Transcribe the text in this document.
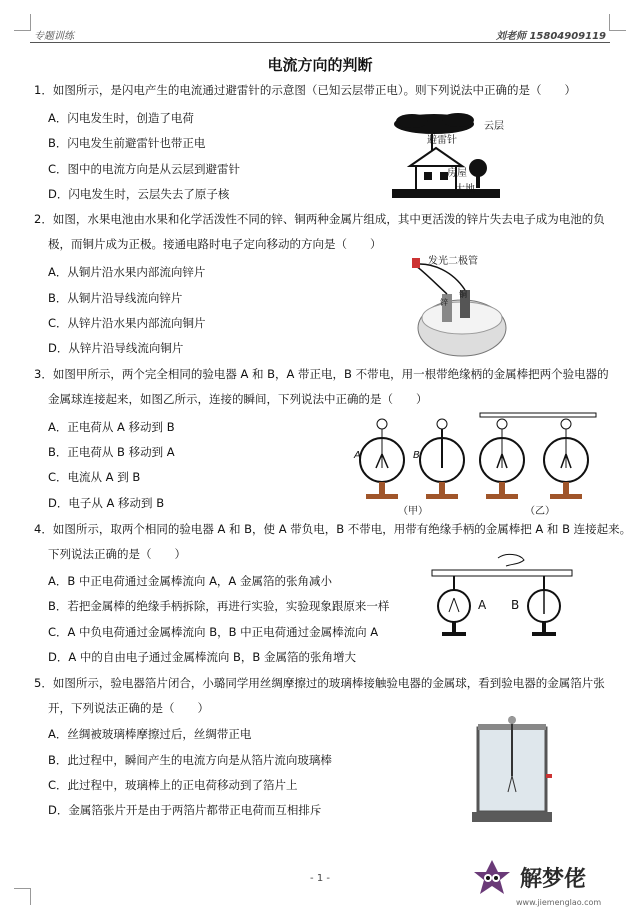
专题训练	刘老师 15804909119
电流方向的判断
1．如图所示，是闪电产生的电流通过避雷针的示意图（已知云层带正电）。则下列说法中正确的是（　　）
A．闪电发生时，创造了电荷
B．闪电发生前避雷针也带正电
C．图中的电流方向是从云层到避雷针
D．闪电发生时，云层失去了原子核
云层
避雷针
房屋
大地
2．如图，水果电池由水果和化学活泼性不同的锌、铜两种金属片组成，其中更活泼的锌片失去电子成为电池的负
极，而铜片成为正极。接通电路时电子定向移动的方向是（　　）
A．从铜片沿水果内部流向锌片
B．从铜片沿导线流向锌片
C．从锌片沿水果内部流向铜片
D．从锌片沿导线流向铜片
发光二极管
铜
锌
3．如图甲所示，两个完全相同的验电器 A 和 B，A 带正电，B 不带电，用一根带绝缘柄的金属棒把两个验电器的
金属球连接起来，如图乙所示，连接的瞬间，下列说法中正确的是（　　）
A．正电荷从 A 移动到 B
B．正电荷从 B 移动到 A
C．电流从 A 到 B
D．电子从 A 移动到 B
A	B
（甲）	（乙）
4．如图所示，取两个相同的验电器 A 和 B，使 A 带负电，B 不带电，用带有绝缘手柄的金属棒把 A 和 B 连接起来。
下列说法正确的是（　　）
A．B 中正电荷通过金属棒流向 A，A 金属箔的张角减小
B．若把金属棒的绝缘手柄拆除，再进行实验，实验现象跟原来一样
C．A 中负电荷通过金属棒流向 B，B 中正电荷通过金属棒流向 A
D．A 中的自由电子通过金属棒流向 B，B 金属箔的张角增大
A B
5．如图所示，验电器箔片闭合，小璐同学用丝绸摩擦过的玻璃棒接触验电器的金属球，看到验电器的金属箔片张
开，下列说法正确的是（　　）
A．丝绸被玻璃棒摩擦过后，丝绸带正电
B．此过程中，瞬间产生的电流方向是从箔片流向玻璃棒
C．此过程中，玻璃棒上的正电荷移动到了箔片上
D．金属箔张片开是由于两箔片都带正电荷而互相排斥
- 1 -	解梦佬
www.jiemenglao.com
